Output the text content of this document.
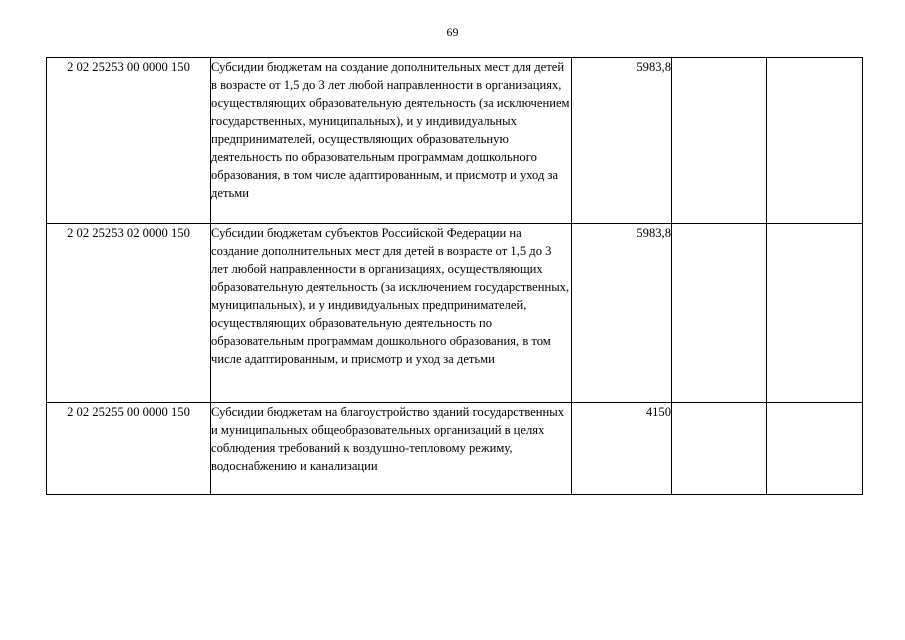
69
2 02 25253 00 0000 150	Субсидии бюджетам на создание дополнительных мест для детей в возрасте от 1,5 до 3 лет любой направленности в организациях, осуществляющих образовательную деятельность (за исключением государственных, муниципальных), и у индивидуальных предпринимателей, осуществляющих образовательную деятельность по образовательным программам дошкольного образования, в том числе адаптированным, и присмотр и уход за детьми	5983,8		
2 02 25253 02 0000 150	Субсидии бюджетам субъектов Российской Федерации на создание дополнительных мест для детей в возрасте от 1,5 до 3 лет любой направленности в организациях, осуществляющих образовательную деятельность (за исключением государственных, муниципальных), и у индивидуальных предпринимателей, осуществляющих образовательную деятельность по образовательным программам дошкольного образования, в том числе адаптированным, и присмотр и уход за детьми	5983,8		
2 02 25255 00 0000 150	Субсидии бюджетам на благоустройство зданий государственных и муниципальных общеобразовательных организаций в целях соблюдения требований к воздушно-тепловому режиму, водоснабжению и канализации	4150		
